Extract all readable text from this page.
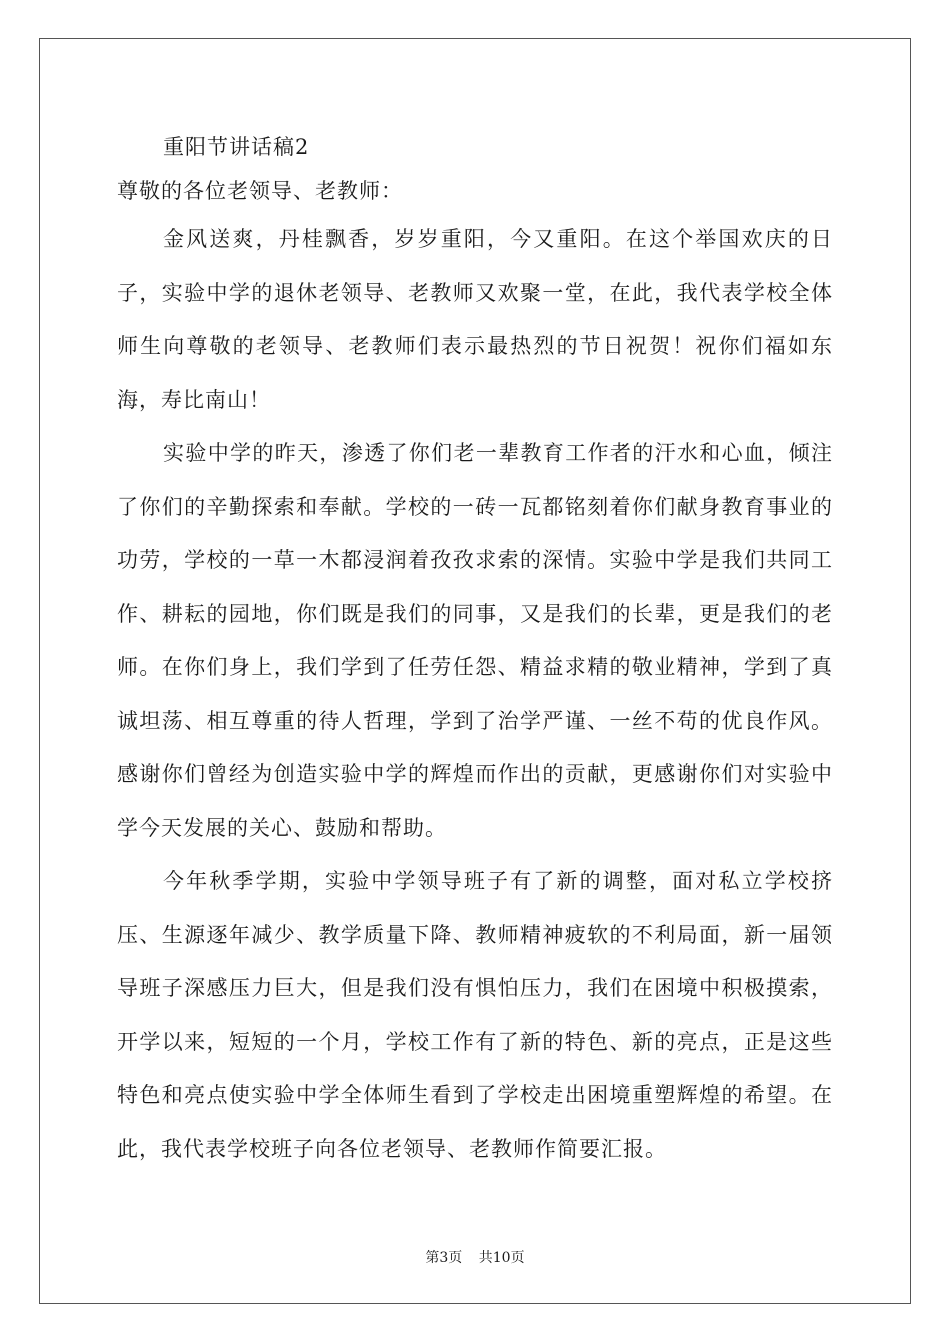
重阳节讲话稿2

尊敬的各位老领导、老教师：

金风送爽，丹桂飘香，岁岁重阳，今又重阳。在这个举国欢庆的日子，实验中学的退休老领导、老教师又欢聚一堂，在此，我代表学校全体师生向尊敬的老领导、老教师们表示最热烈的节日祝贺！祝你们福如东海，寿比南山！

实验中学的昨天，渗透了你们老一辈教育工作者的汗水和心血，倾注了你们的辛勤探索和奉献。学校的一砖一瓦都铭刻着你们献身教育事业的功劳，学校的一草一木都浸润着孜孜求索的深情。实验中学是我们共同工作、耕耘的园地，你们既是我们的同事，又是我们的长辈，更是我们的老师。在你们身上，我们学到了任劳任怨、精益求精的敬业精神，学到了真诚坦荡、相互尊重的待人哲理，学到了治学严谨、一丝不苟的优良作风。感谢你们曾经为创造实验中学的辉煌而作出的贡献，更感谢你们对实验中学今天发展的关心、鼓励和帮助。

今年秋季学期，实验中学领导班子有了新的调整，面对私立学校挤压、生源逐年减少、教学质量下降、教师精神疲软的不利局面，新一届领导班子深感压力巨大，但是我们没有惧怕压力，我们在困境中积极摸索，开学以来，短短的一个月，学校工作有了新的特色、新的亮点，正是这些特色和亮点使实验中学全体师生看到了学校走出困境重塑辉煌的希望。在此，我代表学校班子向各位老领导、老教师作简要汇报。

第3页 共10页
